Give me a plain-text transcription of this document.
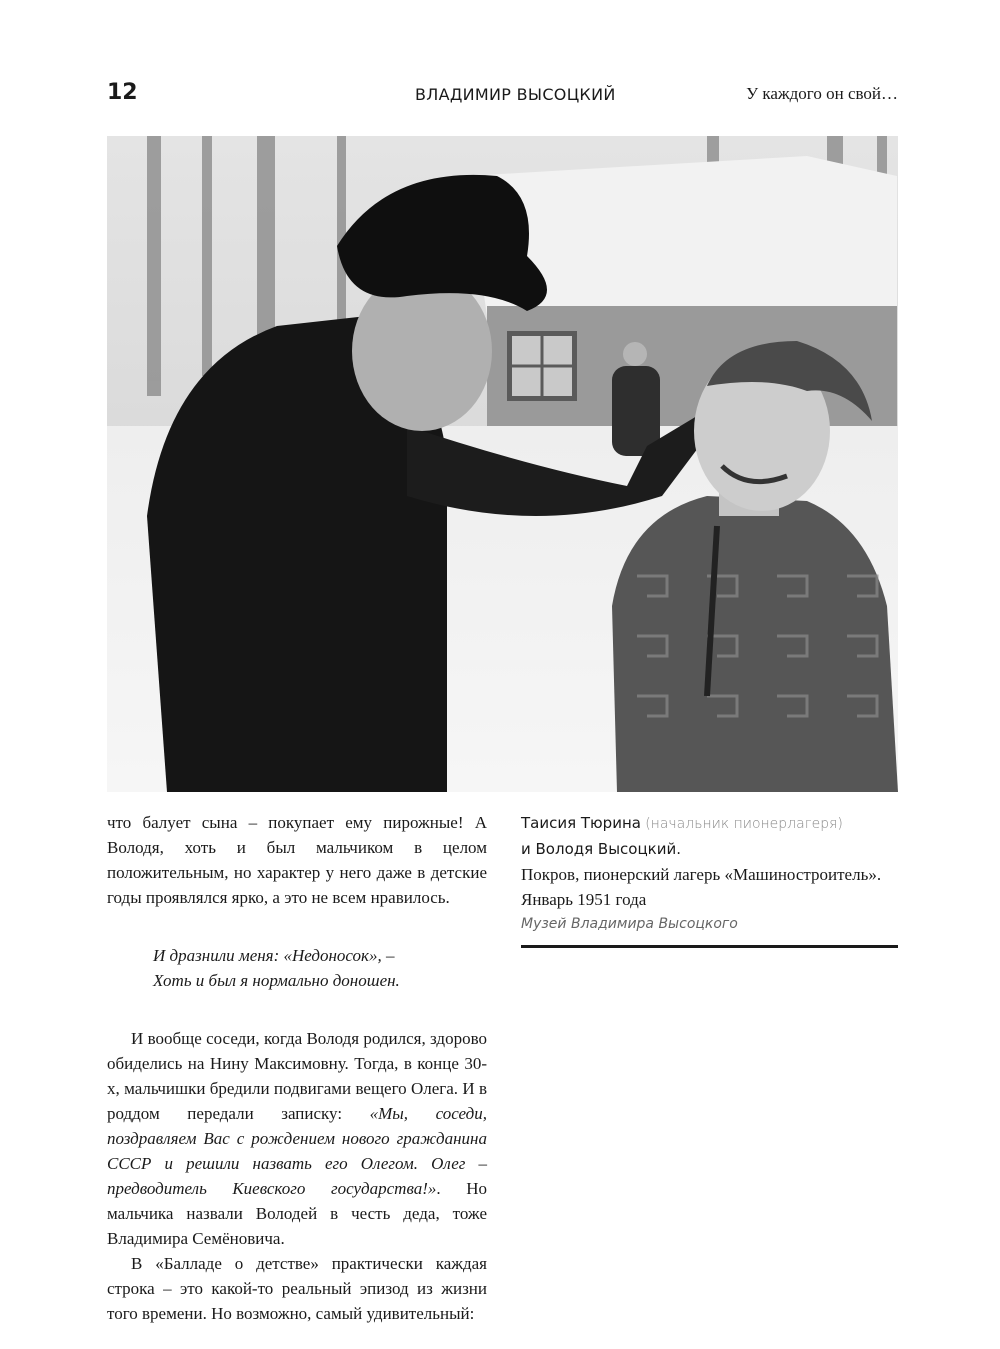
12	ВЛАДИМИР ВЫСОЦКИЙ	У каждого он свой…

что балует сына – покупает ему пирожные! А Володя, хоть и был мальчиком в целом положительным, но характер у него даже в детские годы проявлялся ярко, а это не всем нравилось.

И дразнили меня: «Недоносок», –
Хоть и был я нормально доношен.

И вообще соседи, когда Володя родился, здорово обиделись на Нину Максимовну. Тогда, в конце 30-х, мальчишки бредили подвигами вещего Олега. И в роддом передали записку: «Мы, соседи, поздравляем Вас с рождением нового гражданина СССР и решили назвать его Олегом. Олег – предводитель Киевского государства!». Но мальчика назвали Володей в честь деда, тоже Владимира Семёновича.

В «Балладе о детстве» практически каждая строка – это какой-то реальный эпизод из жизни того времени. Но возможно, самый удивительный:

Таисия Тюрина (начальник пионерлагеря)
и Володя Высоцкий.
Покров, пионерский лагерь «Машиностроитель».
Январь 1951 года
Музей Владимира Высоцкого
